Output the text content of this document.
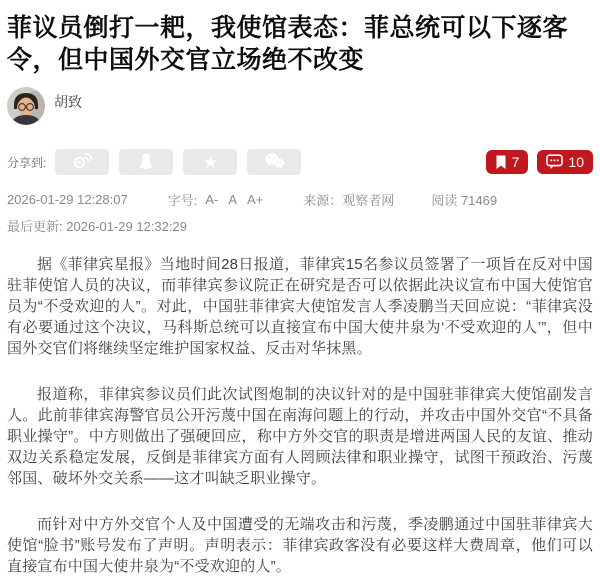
菲议员倒打一耙，我使馆表态：菲总统可以下逐客令，但中国外交官立场绝不改变
胡致
分享到:	★	7	10
2026-01-29 12:28:07	字号: A- A A+	来源：观察者网	阅读 71469
最后更新: 2026-01-29 12:32:29

据《菲律宾星报》当地时间28日报道，菲律宾15名参议员签署了一项旨在反对中国驻菲使馆人员的决议，而菲律宾参议院正在研究是否可以依据此决议宣布中国大使馆官员为“不受欢迎的人”。对此，中国驻菲律宾大使馆发言人季凌鹏当天回应说：“菲律宾没有必要通过这个决议，马科斯总统可以直接宣布中国大使井泉为‘不受欢迎的人’”，但中国外交官们将继续坚定维护国家权益、反击对华抹黑。

报道称，菲律宾参议员们此次试图炮制的决议针对的是中国驻菲律宾大使馆副发言人。此前菲律宾海警官员公开污蔑中国在南海问题上的行动，并攻击中国外交官“不具备职业操守”。中方则做出了强硬回应，称中方外交官的职责是增进两国人民的友谊、推动双边关系稳定发展，反倒是菲律宾方面有人罔顾法律和职业操守，试图干预政治、污蔑邻国、破坏外交关系——这才叫缺乏职业操守。

而针对中方外交官个人及中国遭受的无端攻击和污蔑，季凌鹏通过中国驻菲律宾大使馆“脸书”账号发布了声明。声明表示：菲律宾政客没有必要这样大费周章，他们可以直接宣布中国大使井泉为“不受欢迎的人”。
